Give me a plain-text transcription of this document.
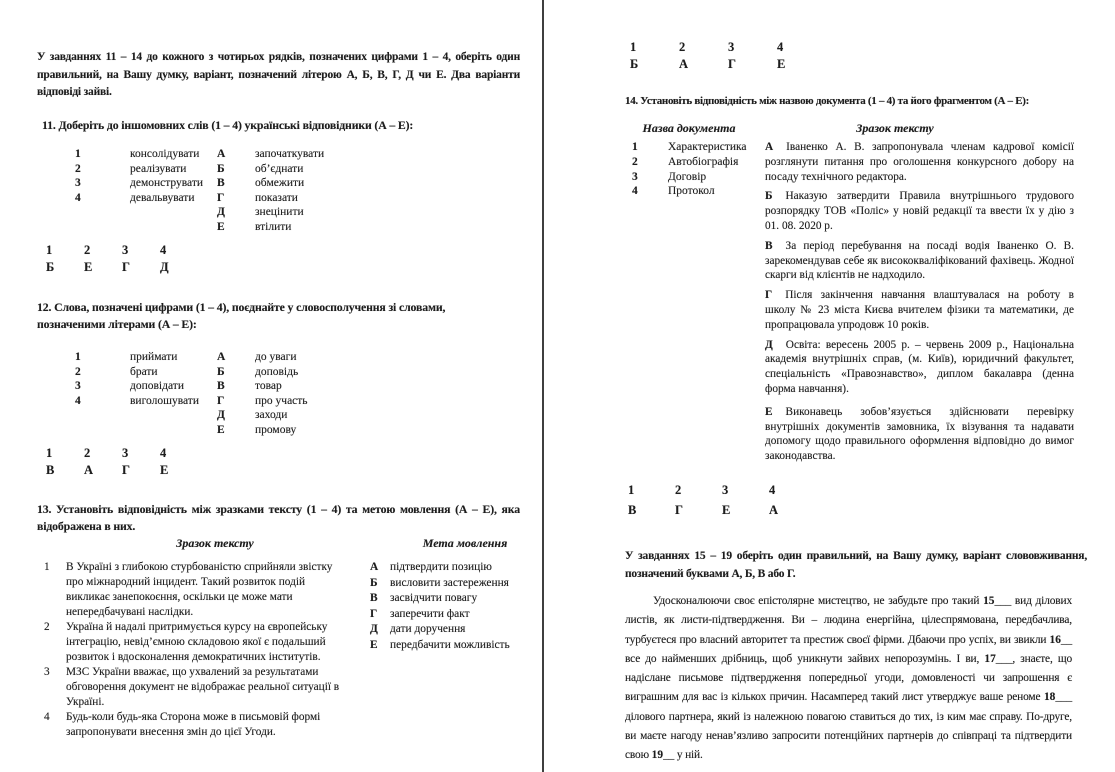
У завданнях 11 – 14 до кожного з чотирьох рядків, позначених цифрами 1 – 4, оберіть один правильний, на Вашу думку, варіант, позначений літерою А, Б, В, Г, Д чи Е. Два варіанти відповіді зайві.
11. Доберіть до іншомовних слів (1 – 4) українські відповідники (А – Е):
1	консолідувати	А	започаткувати
2	реалізувати	Б	об’єднати
3	демонструвати	В	обмежити
4	девальвувати	Г	показати
Д	знецінити
Е	втілити
1	2	3	4
Б	Е	Г	Д
12. Слова, позначені цифрами (1 – 4), поєднайте у словосполучення зі словами, позначеними літерами (А – Е):
1	приймати	А	до уваги
2	брати	Б	доповідь
3	доповідати	В	товар
4	виголошувати	Г	про участь
Д	заходи
Е	промову
1	2	3	4
В	А	Г	Е
13. Установіть відповідність між зразками тексту (1 – 4) та метою мовлення (А – Е), яка відображена в них.
Зразок тексту	Мета мовлення
1	В Україні з глибокою стурбованістю сприйняли звістку про міжнародний інцидент. Такий розвиток подій викликає занепокоєння, оскільки це може мати непередбачувані наслідки.
2	Україна й надалі притримується курсу на європейську інтеграцію, невід’ємною складовою якої є подальший розвиток і вдосконалення демократичних інститутів.
3	МЗС України вважає, що ухвалений за результатами обговорення документ не відображає реальної ситуації в Україні.
4	Будь-коли будь-яка Сторона може в письмовій формі запропонувати внесення змін до цієї Угоди.
А	підтвердити позицію
Б	висловити застереження
В	засвідчити повагу
Г	заперечити факт
Д	дати доручення
Е	передбачити можливість
1	2	3	4
Б	А	Г	Е
14. Установіть відповідність між назвою документа (1 – 4) та його фрагментом (А – Е):
Назва документа	Зразок тексту
1	Характеристика
2	Автобіографія
3	Договір
4	Протокол

А Іваненко А. В. запропонувала членам кадрової комісії розглянути питання про оголошення конкурсного добору на посаду технічного редактора.

Б Наказую затвердити Правила внутрішнього трудового розпорядку ТОВ «Поліс» у новій редакції та ввести їх у дію з 01. 08. 2020 р.

В За період перебування на посаді водія Іваненко О. В. зарекомендував себе як висококваліфікований фахівець. Жодної скарги від клієнтів не надходило.

Г Після закінчення навчання влаштувалася на роботу в школу № 23 міста Києва вчителем фізики та математики, де пропрацювала упродовж 10 років.

Д Освіта: вересень 2005 р. – червень 2009 р., Національна академія внутрішніх справ, (м. Київ), юридичний факультет, спеціальність «Правознавство», диплом бакалавра (денна форма навчання).

Е Виконавець зобов’язується здійснювати перевірку внутрішніх документів замовника, їх візування та надавати допомогу щодо правильного оформлення відповідно до вимог законодавства.

1	2	3	4
В	Г	Е	А
У завданнях 15 – 19 оберіть один правильний, на Вашу думку, варіант слововживання, позначений буквами А, Б, В або Г.
Удосконалюючи своє епістолярне мистецтво, не забудьте про такий 15___ вид ділових листів, як листи-підтвердження. Ви – людина енергійна, цілеспрямована, передбачлива, турбуєтеся про власний авторитет та престиж своєї фірми. Дбаючи про успіх, ви звикли 16__ все до найменших дрібниць, щоб уникнути зайвих непорозумінь. І ви, 17___, знаєте, що надіслане письмове підтвердження попередньої угоди, домовленості чи запрошення є виграшним для вас із кількох причин. Насамперед такий лист утверджує ваше реноме 18___ ділового партнера, який із належною повагою ставиться до тих, із ким має справу. По-друге, ви маєте нагоду ненав’язливо запросити потенційних партнерів до співпраці та підтвердити свою 19__ у ній.
